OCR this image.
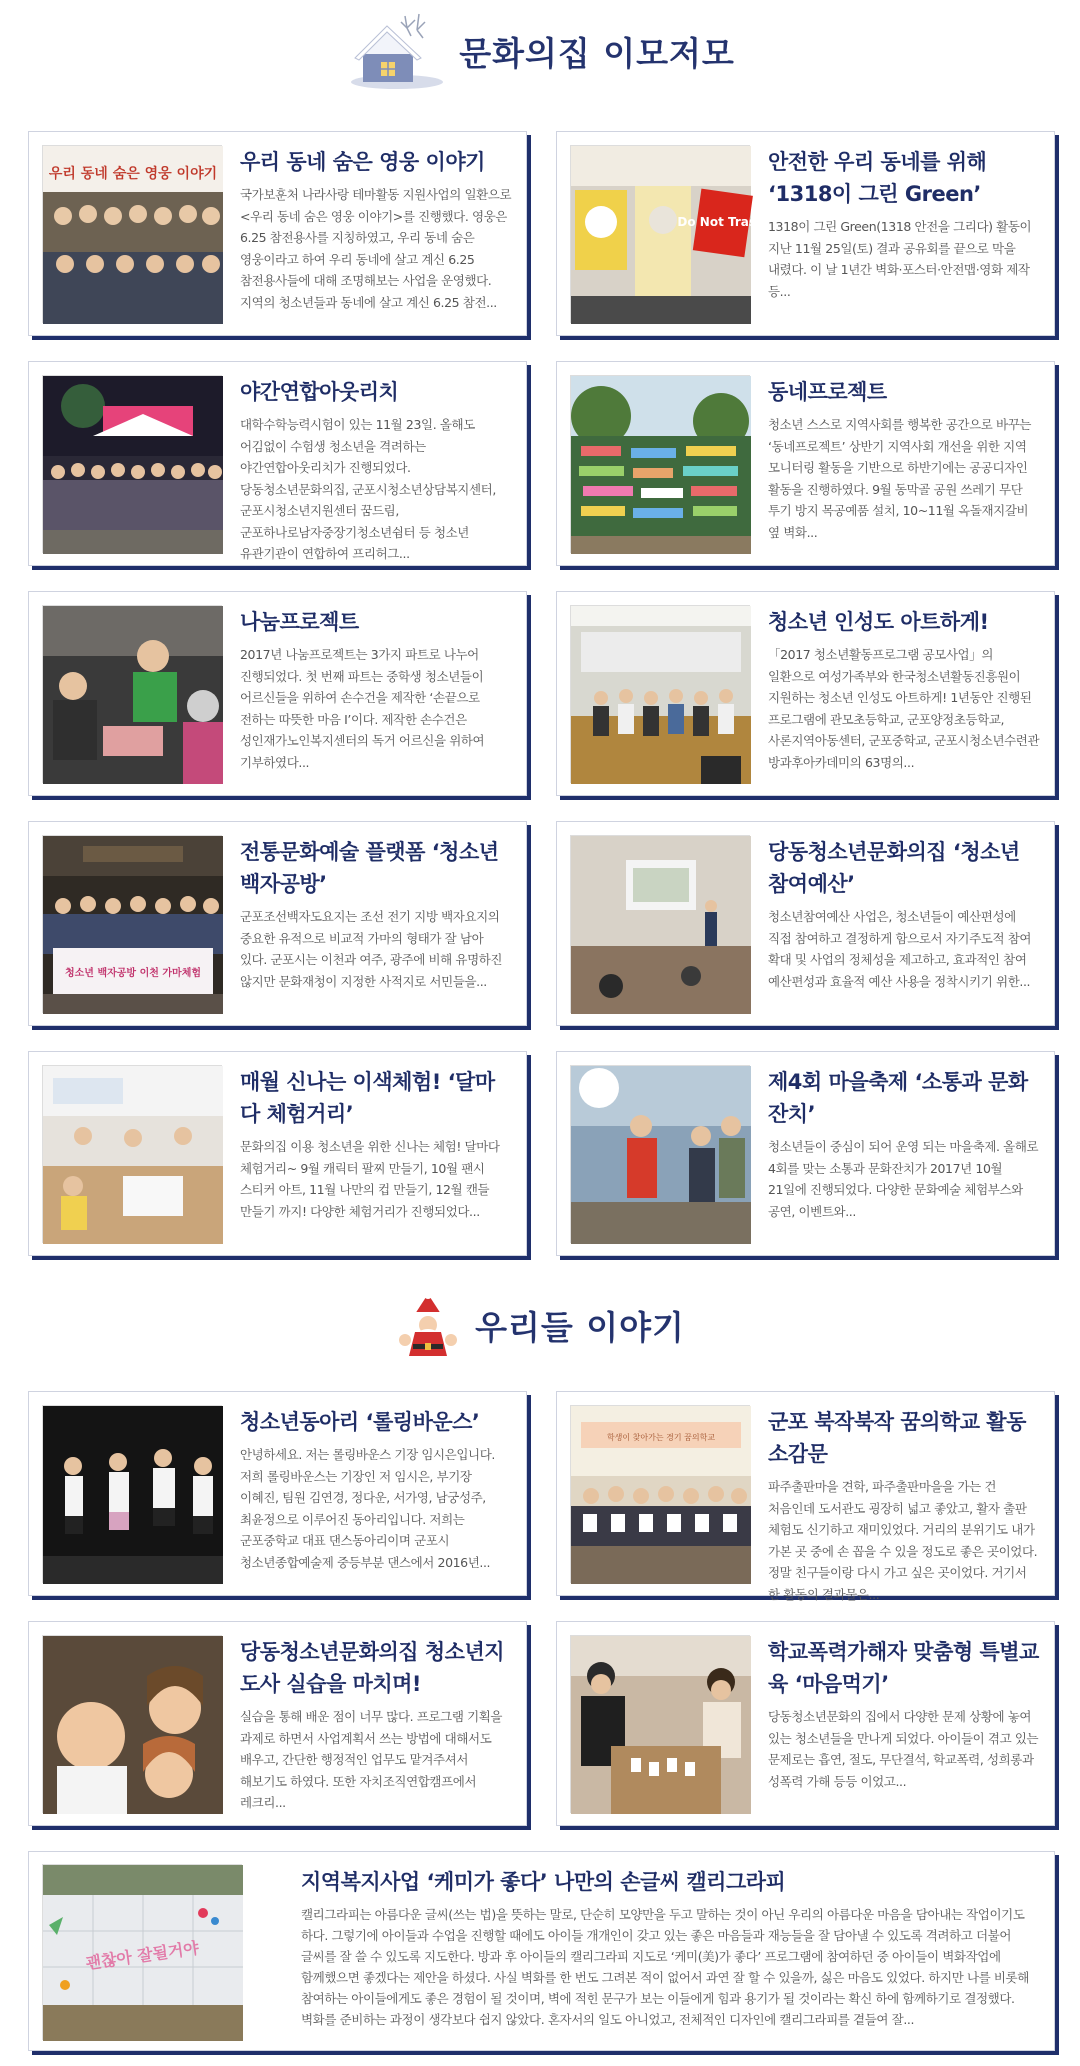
문화의집 이모저모
우리 동네 숨은 영웅 이야기 우리 동네 숨은 영웅 이야기
국가보훈처 나라사랑 테마활동 지원사업의 일환으로 <우리 동네 숨은 영웅 이야기>를 진행했다. 영웅은 6.25 참전용사를 지칭하였고, 우리 동네 숨은 영웅이라고 하여 우리 동네에 살고 계신 6.25 참전용사들에 대해 조명해보는 사업을 운영했다. 지역의 청소년들과 동네에 살고 계신 6.25 참전...
Do Not Trash
안전한 우리 동네를 위해 ‘1318이 그린 Green’
1318이 그린 Green(1318 안전을 그리다) 활동이 지난 11월 25일(토) 결과 공유회를 끝으로 막을 내렸다. 이 날 1년간 벽화·포스터·안전맵·영화 제작 등...
야간연합아웃리치
대학수학능력시험이 있는 11월 23일. 올해도 어김없이 수험생 청소년을 격려하는 야간연합아웃리치가 진행되었다. 당동청소년문화의집, 군포시청소년상담복지센터, 군포시청소년지원센터 꿈드림, 군포하나로남자중장기청소년쉼터 등 청소년 유관기관이 연합하여 프리허그...
동네프로젝트
청소년 스스로 지역사회를 행복한 공간으로 바꾸는 ‘동네프로젝트’ 상반기 지역사회 개선을 위한 지역 모니터링 활동을 기반으로 하반기에는 공공디자인 활동을 진행하였다. 9월 동막골 공원 쓰레기 무단 투기 방지 목공예품 설치, 10~11월 옥돌재지갈비 옆 벽화...
나눔프로젝트
2017년 나눔프로젝트는 3가지 파트로 나누어 진행되었다. 첫 번째 파트는 중학생 청소년들이 어르신들을 위하여 손수건을 제작한 ‘손끝으로 전하는 따뜻한 마음 Ⅰ’이다. 제작한 손수건은 성인재가노인복지센터의 독거 어르신을 위하여 기부하였다...
청소년 인성도 아트하게!
「2017 청소년활동프로그램 공모사업」의 일환으로 여성가족부와 한국청소년활동진흥원이 지원하는 청소년 인성도 아트하게! 1년동안 진행된 프로그램에 관모초등학교, 군포양정초등학교, 사론지역아동센터, 군포중학교, 군포시청소년수련관 방과후아카데미의 63명의...
청소년 백자공방 이천 가마체험
전통문화예술 플랫폼 ‘청소년 백자공방’
군포조선백자도요지는 조선 전기 지방 백자요지의 중요한 유적으로 비교적 가마의 형태가 잘 남아 있다. 군포시는 이천과 여주, 광주에 비해 유명하진 않지만 문화재청이 지정한 사적지로 서민들을...
당동청소년문화의집 ‘청소년 참여예산’
청소년참여예산 사업은, 청소년들이 예산편성에 직접 참여하고 결정하게 함으로서 자기주도적 참여 확대 및 사업의 정체성을 제고하고, 효과적인 참여 예산편성과 효율적 예산 사용을 정착시키기 위한...
매월 신나는 이색체험! ‘달마다 체험거리’
문화의집 이용 청소년을 위한 신나는 체험! 달마다 체험거리~ 9월 캐릭터 팔찌 만들기, 10월 팬시 스티커 아트, 11월 나만의 컵 만들기, 12월 캔들 만들기 까지! 다양한 체험거리가 진행되었다...
제4회 마을축제 ‘소통과 문화잔치’
청소년들이 중심이 되어 운영 되는 마을축제. 올해로 4회를 맞는 소통과 문화잔치가 2017년 10월 21일에 진행되었다. 다양한 문화예술 체험부스와 공연, 이벤트와...
우리들 이야기
청소년동아리 ‘롤링바운스’
안녕하세요. 저는 롤링바운스 기장 임시은입니다. 저희 롤링바운스는 기장인 저 임시은, 부기장 이혜진, 팀원 김연경, 정다운, 서가영, 남궁성주, 최윤정으로 이루어진 동아리입니다. 저희는 군포중학교 대표 댄스동아리이며 군포시 청소년종합예술제 중등부분 댄스에서 2016년...
학생이 찾아가는 경기 꿈의학교
군포 북작북작 꿈의학교 활동소감문
파주출판마을 견학, 파주출판마을을 가는 건 처음인데 도서관도 굉장히 넓고 좋았고, 활자 출판 체험도 신기하고 재미있었다. 거리의 분위기도 내가 가본 곳 중에 손 꼽을 수 있을 정도로 좋은 곳이었다. 정말 친구들이랑 다시 가고 싶은 곳이었다. 거기서 한 활동의 결과물은...
당동청소년문화의집 청소년지도사 실습을 마치며!
실습을 통해 배운 점이 너무 많다. 프로그램 기획을 과제로 하면서 사업계획서 쓰는 방법에 대해서도 배우고, 간단한 행정적인 업무도 맡겨주셔서 해보기도 하였다. 또한 자치조직연합캠프에서 레크리...
학교폭력가해자 맞춤형 특별교육 ‘마음먹기’
당동청소년문화의 집에서 다양한 문제 상황에 놓여 있는 청소년들을 만나게 되었다. 아이들이 겪고 있는 문제로는 흡연, 절도, 무단결석, 학교폭력, 성희롱과 성폭력 가해 등등 이었고...
괜찮아 잘될거야
지역복지사업 ‘케미가 좋다’ 나만의 손글씨 캘리그라피
캘리그라피는 아름다운 글씨(쓰는 법)을 뜻하는 말로, 단순히 모양만을 두고 말하는 것이 아닌 우리의 아름다운 마음을 담아내는 작업이기도 하다. 그렇기에 아이들과 수업을 진행할 때에도 아이들 개개인이 갖고 있는 좋은 마음들과 재능들을 잘 담아낼 수 있도록 격려하고 더불어 글씨를 잘 쓸 수 있도록 지도한다. 방과 후 아이들의 캘리그라피 지도로 ‘케미(美)가 좋다’ 프로그램에 참여하던 중 아이들이 벽화작업에 함께했으면 좋겠다는 제안을 하셨다. 사실 벽화를 한 번도 그려본 적이 없어서 과연 잘 할 수 있을까, 싫은 마음도 있었다. 하지만 나를 비롯해 참여하는 아이들에게도 좋은 경험이 될 것이며, 벽에 적힌 문구가 보는 이들에게 힘과 용기가 될 것이라는 확신 하에 함께하기로 결정했다. 벽화를 준비하는 과정이 생각보다 쉽지 않았다. 혼자서의 일도 아니었고, 전체적인 디자인에 캘리그라피를 곁들여 잘...
